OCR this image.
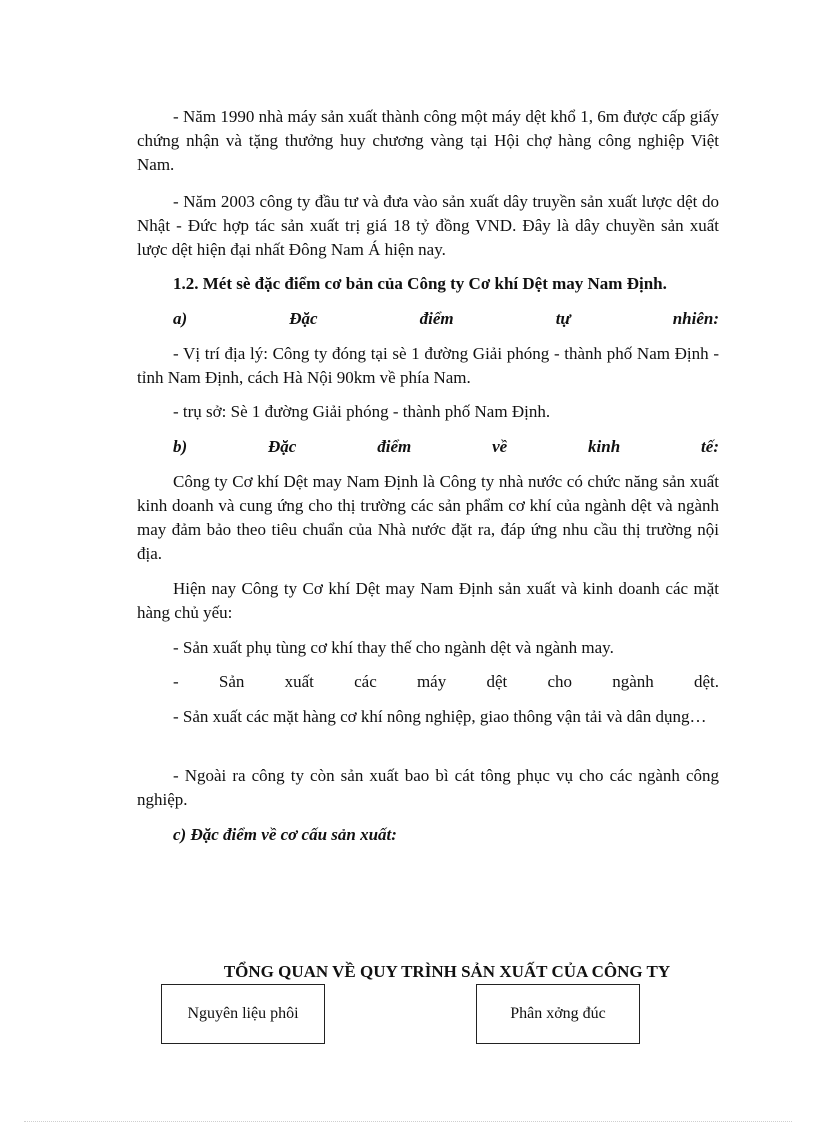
- Năm 1990 nhà máy sản xuất thành công một máy dệt khổ 1, 6m được cấp giấy chứng nhận và tặng thưởng huy chương vàng tại Hội chợ hàng công nghiệp Việt Nam.

- Năm 2003 công ty đầu tư và đưa vào sản xuất dây truyền sản xuất lược dệt do Nhật - Đức hợp tác sản xuất trị giá 18 tỷ đồng VND. Đây là dây chuyền sản xuất lược dệt hiện đại nhất Đông Nam Á hiện nay.

1.2. Mét sè đặc điểm cơ bản của Công ty Cơ khí Dệt may Nam Định.

a) Đặc điểm tự nhiên:

- Vị trí địa lý: Công ty đóng tại sè 1 đường Giải phóng - thành phố Nam Định - tỉnh Nam Định, cách Hà Nội 90km về phía Nam.

- trụ sở: Sè 1 đường Giải phóng - thành phố Nam Định.

b) Đặc điểm về kinh tế:

Công ty Cơ khí Dệt may Nam Định là Công ty nhà nước có chức năng sản xuất kinh doanh và cung ứng cho thị trường các sản phẩm cơ khí của ngành dệt và ngành may đảm bảo theo tiêu chuẩn của Nhà nước đặt ra, đáp ứng nhu cầu thị trường nội địa.

Hiện nay Công ty Cơ khí Dệt may Nam Định sản xuất và kinh doanh các mặt hàng chủ yếu:

- Sản xuất phụ tùng cơ khí thay thế cho ngành dệt và ngành may.

- Sản xuất các máy dệt cho ngành dệt.

- Sản xuất các mặt hàng cơ khí nông nghiệp, giao thông vận tải và dân dụng…

- Ngoài ra công ty còn sản xuất bao bì cát tông phục vụ cho các ngành công nghiệp.

c) Đặc điểm về cơ cấu sản xuất:

TỔNG QUAN VỀ QUY TRÌNH SẢN XUẤT CỦA CÔNG TY

Nguyên liệu phôi	Phân xởng đúc
